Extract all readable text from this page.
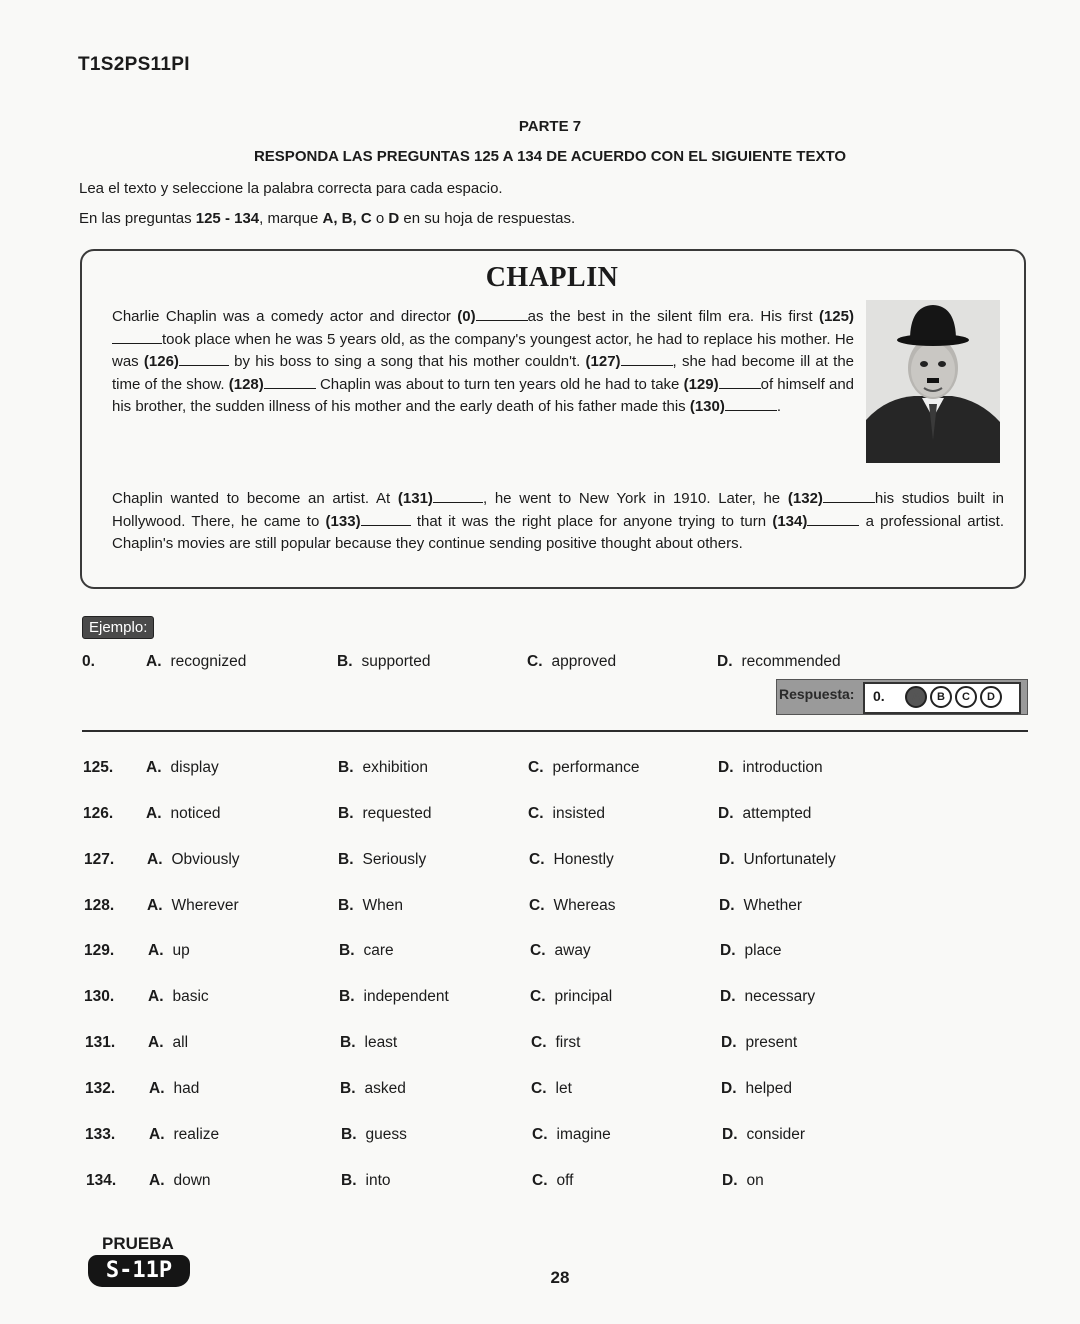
T1S2PS11PI
PARTE 7
RESPONDA LAS PREGUNTAS 125 A 134 DE ACUERDO CON EL SIGUIENTE TEXTO
Lea el texto y seleccione la palabra correcta para cada espacio.
En las preguntas 125 - 134, marque A, B, C o D en su hoja de respuestas.
CHAPLIN
Charlie Chaplin was a comedy actor and director (0)	as the best in the silent film era. His first (125)took place when he was 5 years old, as the company's youngest actor, he had to replace his mother. He was (126)	by his boss to sing a song that his mother couldn't. (127)	, she had become ill at the time of the show. (128)	Chaplin was about to turn ten years old he had to take (129)	of himself and his brother, the sudden illness of his mother and the early death of his father made this (130)	.
Chaplin wanted to become an artist. At (131)	, he went to New York in 1910. Later, he (132)	his studios built in Hollywood. There, he came to (133)	that it was the right place for anyone trying to turn (134)	a professional artist. Chaplin's movies are still popular because they continue sending positive thought about others.
Ejemplo:
0.	A. recognized	B. supported	C. approved	D. recommended
Respuesta: 0.	A	B	C	D
125. A. display	B. exhibition	C. performance	D. introduction
126. A. noticed	B. requested	C. insisted	D. attempted
127. A. Obviously	B. Seriously	C. Honestly	D. Unfortunately
128. A. Wherever	B. When	C. Whereas	D. Whether
129. A. up	B. care	C. away	D. place
130. A. basic	B. independent	C. principal	D. necessary
131. A. all	B. least	C. first	D. present
132. A. had	B. asked	C. let	D. helped
133. A. realize	B. guess	C. imagine	D. consider
134. A. down	B. into	C. off	D. on
PRUEBA
S-11P	28
